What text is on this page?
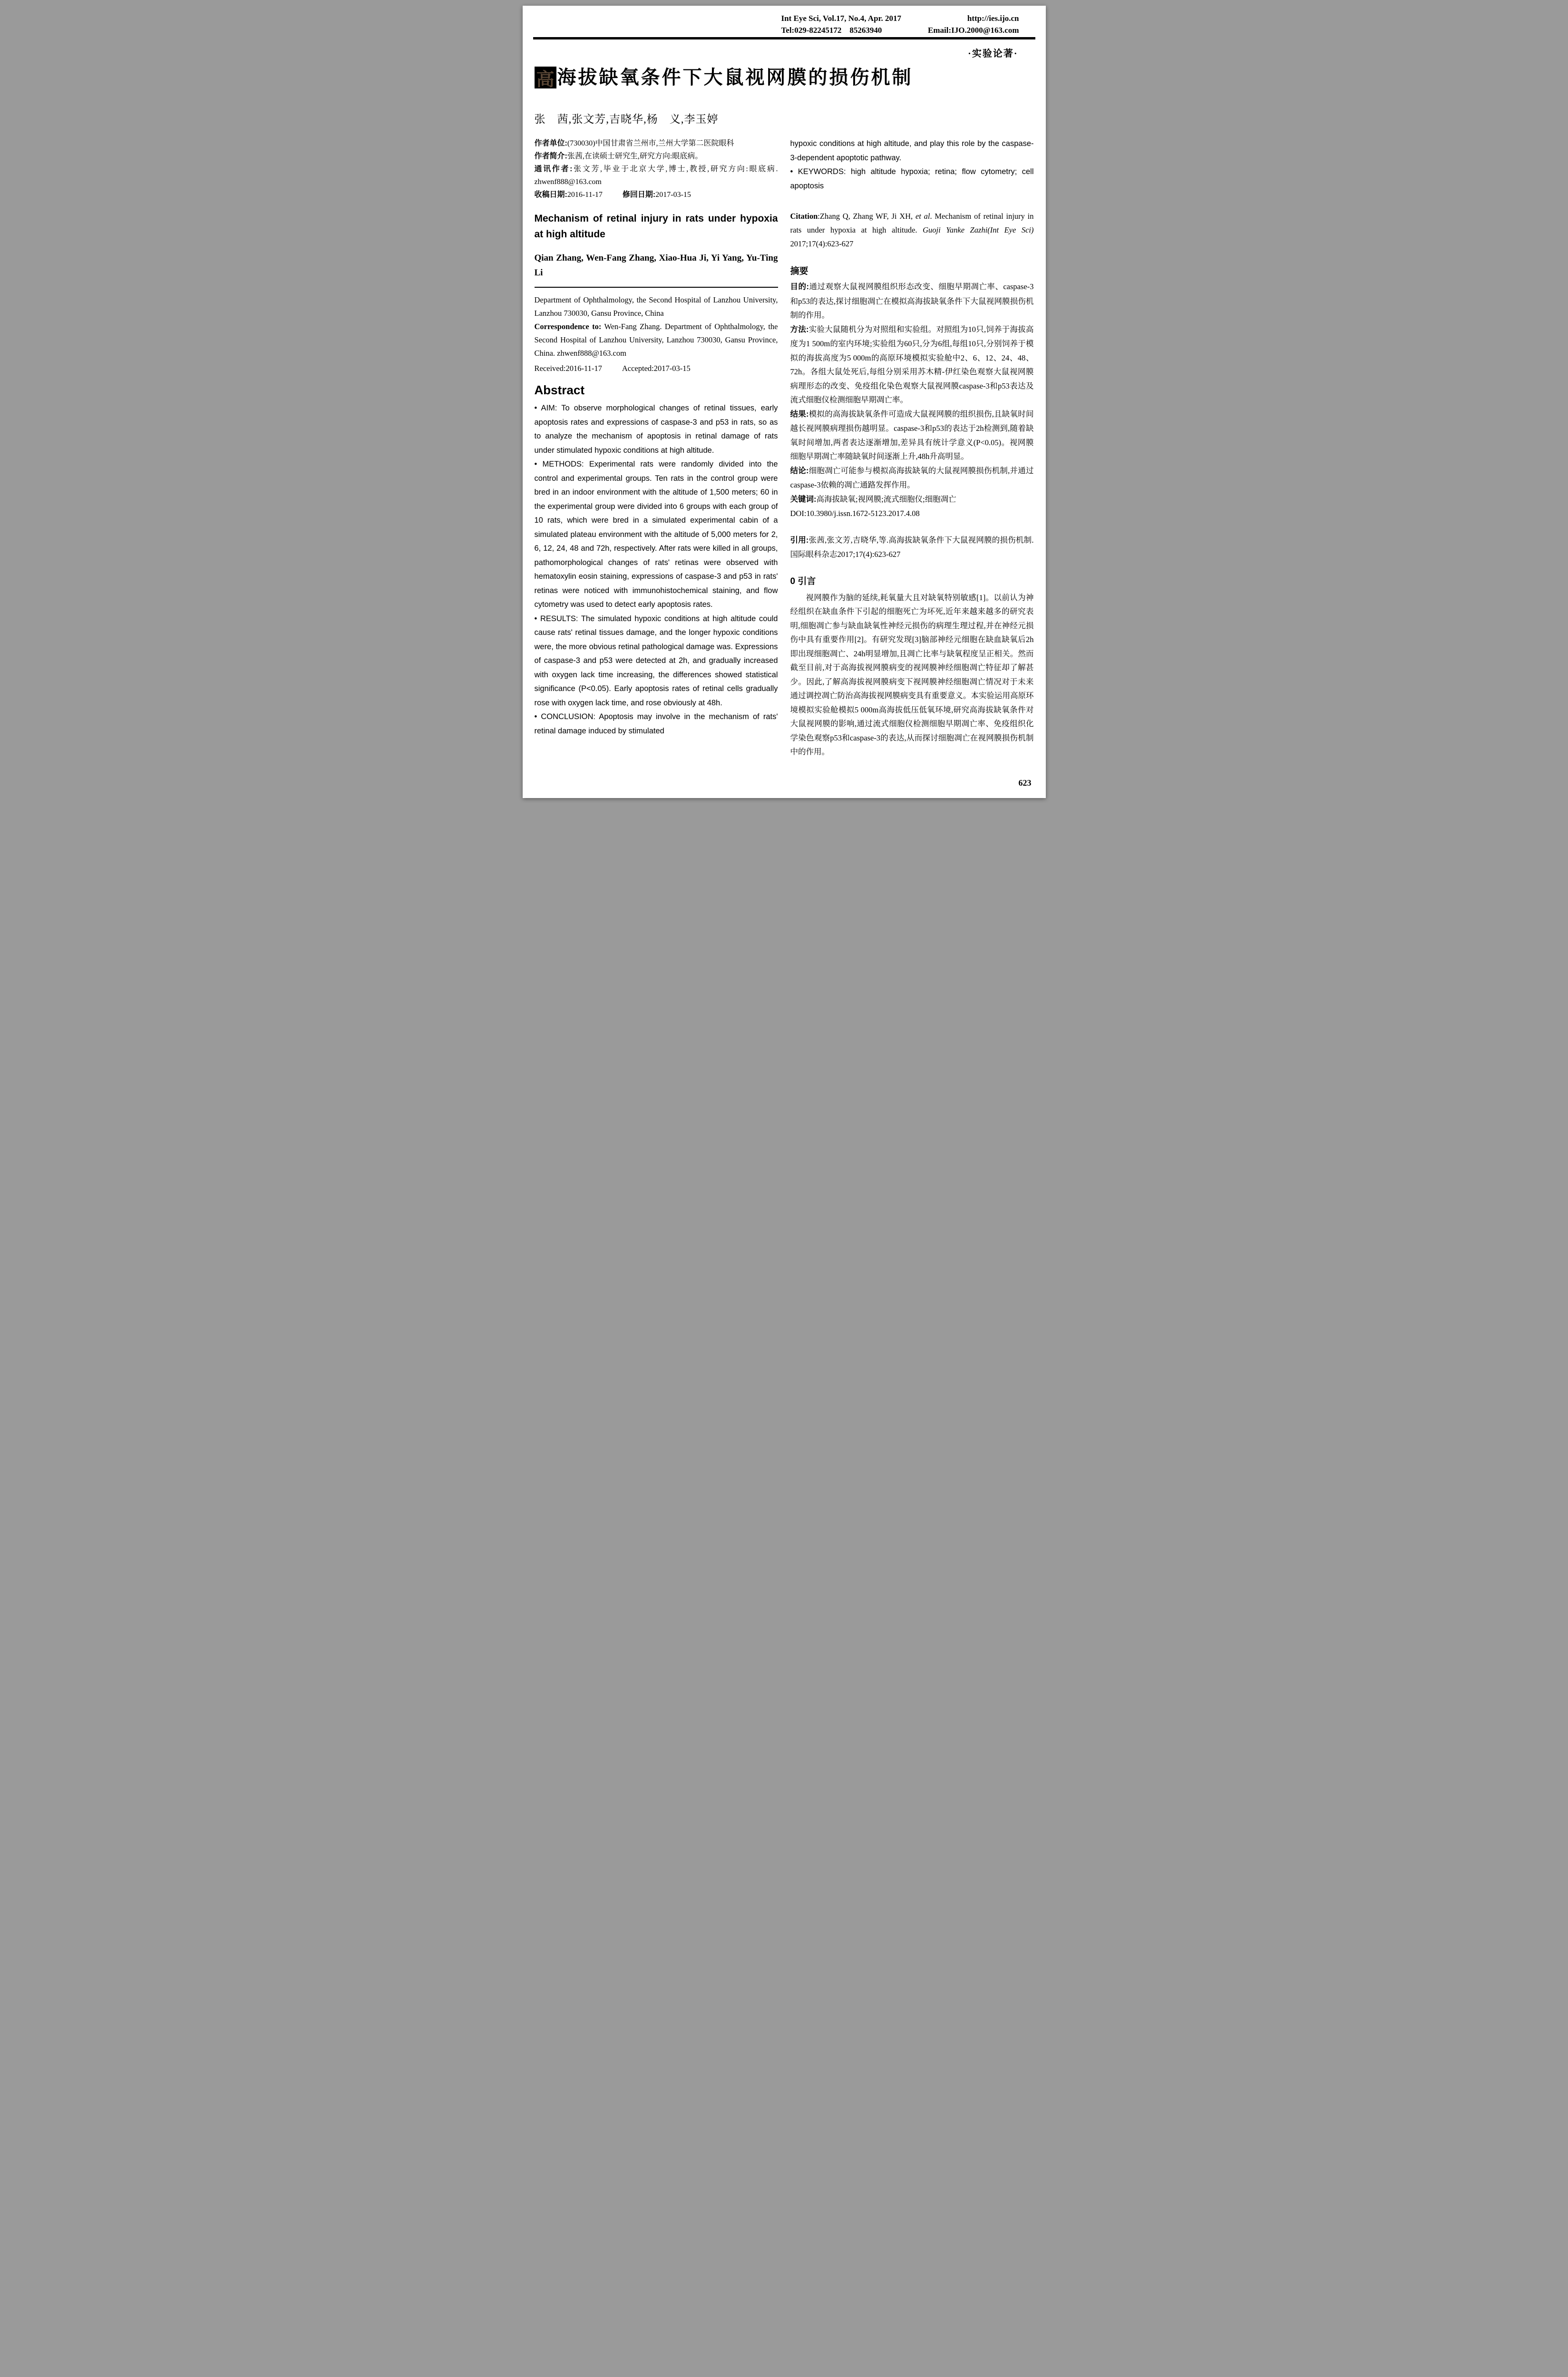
Int Eye Sci, Vol.17, No.4, Apr. 2017	http://ies.ijo.cn
Tel:029-82245172    85263940	Email:IJO.2000@163.com
·实验论著·
高 海拔缺氧条件下大鼠视网膜的损伤机制
张　茜,张文芳,吉晓华,杨　义,李玉婷

作者单位:(730030)中国甘肃省兰州市,兰州大学第二医院眼科

作者简介:张茜,在读硕士研究生,研究方向:眼底病。

通讯作者:张文芳,毕业于北京大学,博士,教授,研究方向:眼底病. zhwenf888@163.com

收稿日期:2016-11-17	修回日期:2017-03-15

Mechanism of retinal injury in rats under hypoxia at high altitude

Qian Zhang, Wen-Fang Zhang, Xiao-Hua Ji, Yi Yang, Yu-Ting Li

Department of Ophthalmology, the Second Hospital of Lanzhou University, Lanzhou 730030, Gansu Province, China

Correspondence to: Wen-Fang Zhang. Department of Ophthalmology, the Second Hospital of Lanzhou University, Lanzhou 730030, Gansu Province, China. zhwenf888@163.com

Received:2016-11-17	Accepted:2017-03-15

Abstract

• AIM: To observe morphological changes of retinal tissues, early apoptosis rates and expressions of caspase-3 and p53 in rats, so as to analyze the mechanism of apoptosis in retinal damage of rats under stimulated hypoxic conditions at high altitude.

• METHODS: Experimental rats were randomly divided into the control and experimental groups. Ten rats in the control group were bred in an indoor environment with the altitude of 1,500 meters; 60 in the experimental group were divided into 6 groups with each group of 10 rats, which were bred in a simulated experimental cabin of a simulated plateau environment with the altitude of 5,000 meters for 2, 6, 12, 24, 48 and 72h, respectively. After rats were killed in all groups, pathomorphological changes of rats' retinas were observed with hematoxylin eosin staining, expressions of caspase-3 and p53 in rats' retinas were noticed with immunohistochemical staining, and flow cytometry was used to detect early apoptosis rates.

• RESULTS: The simulated hypoxic conditions at high altitude could cause rats' retinal tissues damage, and the longer hypoxic conditions were, the more obvious retinal pathological damage was. Expressions of caspase-3 and p53 were detected at 2h, and gradually increased with oxygen lack time increasing, the differences showed statistical significance (P<0.05). Early apoptosis rates of retinal cells gradually rose with oxygen lack time, and rose obviously at 48h.

• CONCLUSION: Apoptosis may involve in the mechanism of rats' retinal damage induced by stimulated

hypoxic conditions at high altitude, and play this role by the caspase-3-dependent apoptotic pathway.

• KEYWORDS: high altitude hypoxia; retina; flow cytometry; cell apoptosis

Citation:Zhang Q, Zhang WF, Ji XH, et al. Mechanism of retinal injury in rats under hypoxia at high altitude. Guoji Yanke Zazhi(Int Eye Sci) 2017;17(4):623-627

摘要

目的:通过观察大鼠视网膜组织形态改变、细胞早期凋亡率、caspase-3和p53的表达,探讨细胞凋亡在模拟高海拔缺氧条件下大鼠视网膜损伤机制的作用。

方法:实验大鼠随机分为对照组和实验组。对照组为10只,饲养于海拔高度为1 500m的室内环境;实验组为60只,分为6组,每组10只,分别饲养于模拟的海拔高度为5 000m的高原环境模拟实验舱中2、6、12、24、48、72h。各组大鼠处死后,每组分别采用苏木精-伊红染色观察大鼠视网膜病理形态的改变、免疫组化染色观察大鼠视网膜caspase-3和p53表达及流式细胞仪检测细胞早期凋亡率。

结果:模拟的高海拔缺氧条件可造成大鼠视网膜的组织损伤,且缺氧时间越长视网膜病理损伤越明显。caspase-3和p53的表达于2h检测到,随着缺氧时间增加,两者表达逐渐增加,差异具有统计学意义(P<0.05)。视网膜细胞早期凋亡率随缺氧时间逐渐上升,48h升高明显。

结论:细胞凋亡可能参与模拟高海拔缺氧的大鼠视网膜损伤机制,并通过caspase-3依赖的凋亡通路发挥作用。

关键词:高海拔缺氧;视网膜;流式细胞仪;细胞凋亡

DOI:10.3980/j.issn.1672-5123.2017.4.08

引用:张茜,张文芳,吉晓华,等.高海拔缺氧条件下大鼠视网膜的损伤机制.国际眼科杂志2017;17(4):623-627

0 引言

视网膜作为脑的延续,耗氧量大且对缺氧特别敏感[1]。以前认为神经组织在缺血条件下引起的细胞死亡为坏死,近年来越来越多的研究表明,细胞凋亡参与缺血缺氧性神经元损伤的病理生理过程,并在神经元损伤中具有重要作用[2]。有研究发现[3]脑部神经元细胞在缺血缺氧后2h即出现细胞凋亡、24h明显增加,且凋亡比率与缺氧程度呈正相关。然而截至目前,对于高海拔视网膜病变的视网膜神经细胞凋亡特征却了解甚少。因此,了解高海拔视网膜病变下视网膜神经细胞凋亡情况对于未来通过调控凋亡防治高海拔视网膜病变具有重要意义。本实验运用高原环境模拟实验舱模拟5 000m高海拔低压低氧环境,研究高海拔缺氧条件对大鼠视网膜的影响,通过流式细胞仪检测细胞早期凋亡率、免疫组织化学染色观察p53和caspase-3的表达,从而探讨细胞凋亡在视网膜损伤机制中的作用。

623
